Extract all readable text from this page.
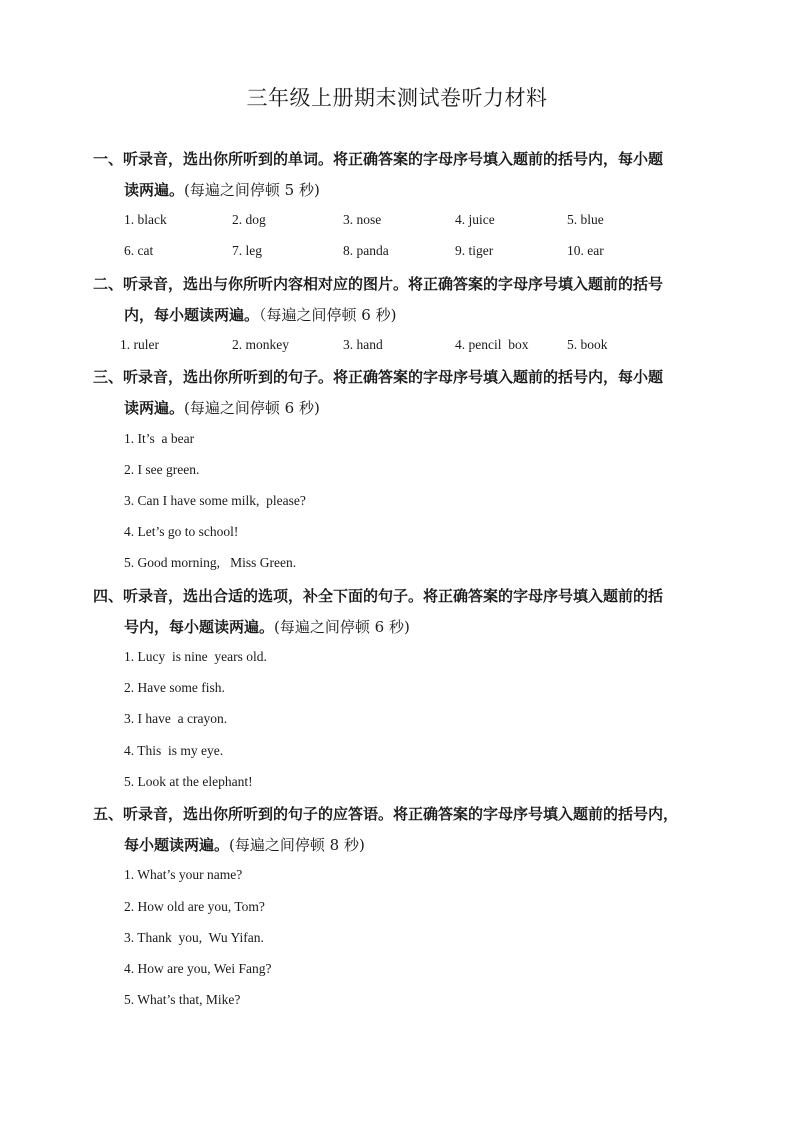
三年级上册期末测试卷听力材料
一、听录音，选出你所听到的单词。将正确答案的字母序号填入题前的括号内，每小题
读两遍。(每遍之间停顿 5 秒)
1. black	2. dog	3. nose	4. juice	5. blue
6. cat	7. leg	8. panda	9. tiger	10. ear
二、听录音，选出与你所听内容相对应的图片。将正确答案的字母序号填入题前的括号
内，每小题读两遍。（每遍之间停顿 6 秒)
1. ruler	2. monkey	3. hand	4. pencil  box	5. book
三、听录音，选出你所听到的句子。将正确答案的字母序号填入题前的括号内，每小题
读两遍。(每遍之间停顿 6 秒)
1. It’s  a bear
2. I see green.
3. Can I have some milk,  please?
4. Let’s go to school!
5. Good morning,   Miss Green.
四、听录音，选出合适的选项，补全下面的句子。将正确答案的字母序号填入题前的括
号内，每小题读两遍。(每遍之间停顿 6 秒)
1. Lucy  is nine  years old.
2. Have some fish.
3. I have  a crayon.
4. This  is my eye.
5. Look at the elephant!
五、听录音，选出你所听到的句子的应答语。将正确答案的字母序号填入题前的括号内，
每小题读两遍。(每遍之间停顿 8 秒)
1. What’s your name?
2. How old are you, Tom?
3. Thank  you,  Wu Yifan.
4. How are you, Wei Fang?
5. What’s that, Mike?
